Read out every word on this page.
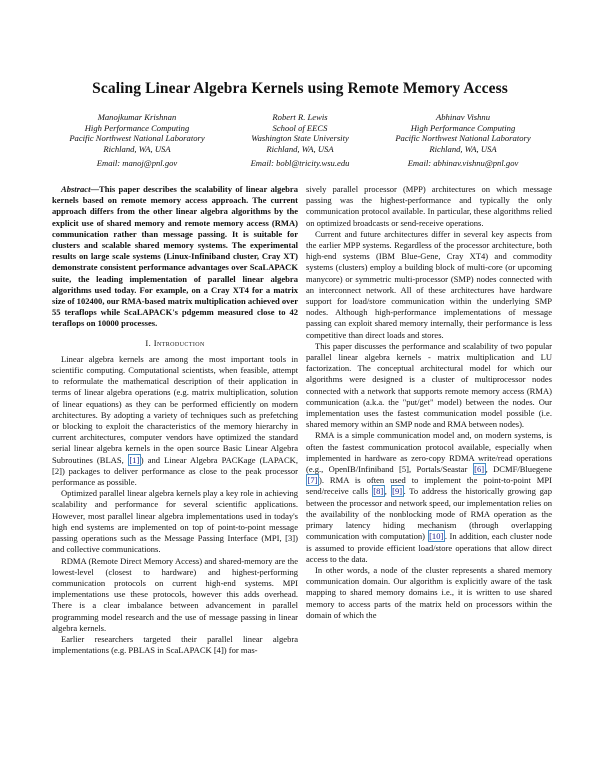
Scaling Linear Algebra Kernels using Remote Memory Access
Manojkumar Krishnan
High Performance Computing
Pacific Northwest National Laboratory
Richland, WA, USA
Email: manoj@pnl.gov
Robert R. Lewis
School of EECS
Washington State University
Richland, WA, USA
Email: bobl@tricity.wsu.edu
Abhinav Vishnu
High Performance Computing
Pacific Northwest National Laboratory
Richland, WA, USA
Email: abhinav.vishnu@pnl.gov

Abstract—This paper describes the scalability of linear algebra kernels based on remote memory access approach. The current approach differs from the other linear algebra algorithms by the explicit use of shared memory and remote memory access (RMA) communication rather than message passing. It is suitable for clusters and scalable shared memory systems. The experimental results on large scale systems (Linux-Infiniband cluster, Cray XT) demonstrate consistent performance advantages over ScaLAPACK suite, the leading implementation of parallel linear algebra algorithms used today. For example, on a Cray XT4 for a matrix size of 102400, our RMA-based matrix multiplication achieved over 55 teraflops while ScaLAPACK's pdgemm measured close to 42 teraflops on 10000 processes.

I. Introduction

Linear algebra kernels are among the most important tools in scientific computing. Computational scientists, when feasible, attempt to reformulate the mathematical description of their application in terms of linear algebra operations (e.g. matrix multiplication, solution of linear equations) as they can be performed efficiently on modern architectures. By adopting a variety of techniques such as prefetching or blocking to exploit the characteristics of the memory hierarchy in current architectures, computer vendors have optimized the standard serial linear algebra kernels in the open source Basic Linear Algebra Subroutines (BLAS, [1] ) and Linear Algebra PACKage (LAPACK, [2]) packages to deliver performance as close to the peak processor performance as possible.

Optimized parallel linear algebra kernels play a key role in achieving scalability and performance for several scientific applications. However, most parallel linear algebra implementations used in today's high end systems are implemented on top of point-to-point message passing operations such as the Message Passing Interface (MPI, [3]) and collective communications.

RDMA (Remote Direct Memory Access) and shared-memory are the lowest-level (closest to hardware) and highest-performing communication protocols on current high-end systems. MPI implementations use these protocols, however this adds overhead. There is a clear imbalance between advancement in parallel programming model research and the use of message passing in linear algebra kernels.

Earlier researchers targeted their parallel linear algebra implementations (e.g. PBLAS in ScaLAPACK [4]) for mas-

sively parallel processor (MPP) architectures on which message passing was the highest-performance and typically the only communication protocol available. In particular, these algorithms relied on optimized broadcasts or send-receive operations.

Current and future architectures differ in several key aspects from the earlier MPP systems. Regardless of the processor architecture, both high-end systems (IBM Blue-Gene, Cray XT4) and commodity systems (clusters) employ a building block of multi-core (or upcoming manycore) or symmetric multi-processor (SMP) nodes connected with an interconnect network. All of these architectures have hardware support for load/store communication within the underlying SMP nodes. Although high-performance implementations of message passing can exploit shared memory internally, their performance is less competitive than direct loads and stores.

This paper discusses the performance and scalability of two popular parallel linear algebra kernels - matrix multiplication and LU factorization. The conceptual architectural model for which our algorithms were designed is a cluster of multiprocessor nodes connected with a network that supports remote memory access (RMA) communication (a.k.a. the "put/get" model) between the nodes. Our implementation uses the fastest communication model possible (i.e. shared memory within an SMP node and RMA between nodes).

RMA is a simple communication model and, on modern systems, is often the fastest communication protocol available, especially when implemented in hardware as zero-copy RDMA write/read operations (e.g., OpenIB/Infiniband [5], Portals/Seastar [6] , DCMF/Bluegene [7] ). RMA is often used to implement the point-to-point MPI send/receive calls [8] , [9] . To address the historically growing gap between the processor and network speed, our implementation relies on the availability of the nonblocking mode of RMA operation as the primary latency hiding mechanism (through overlapping communication with computation) [10] . In addition, each cluster node is assumed to provide efficient load/store operations that allow direct access to the data.

In other words, a node of the cluster represents a shared memory communication domain. Our algorithm is explicitly aware of the task mapping to shared memory domains i.e., it is written to use shared memory to access parts of the matrix held on processors within the domain of which the
